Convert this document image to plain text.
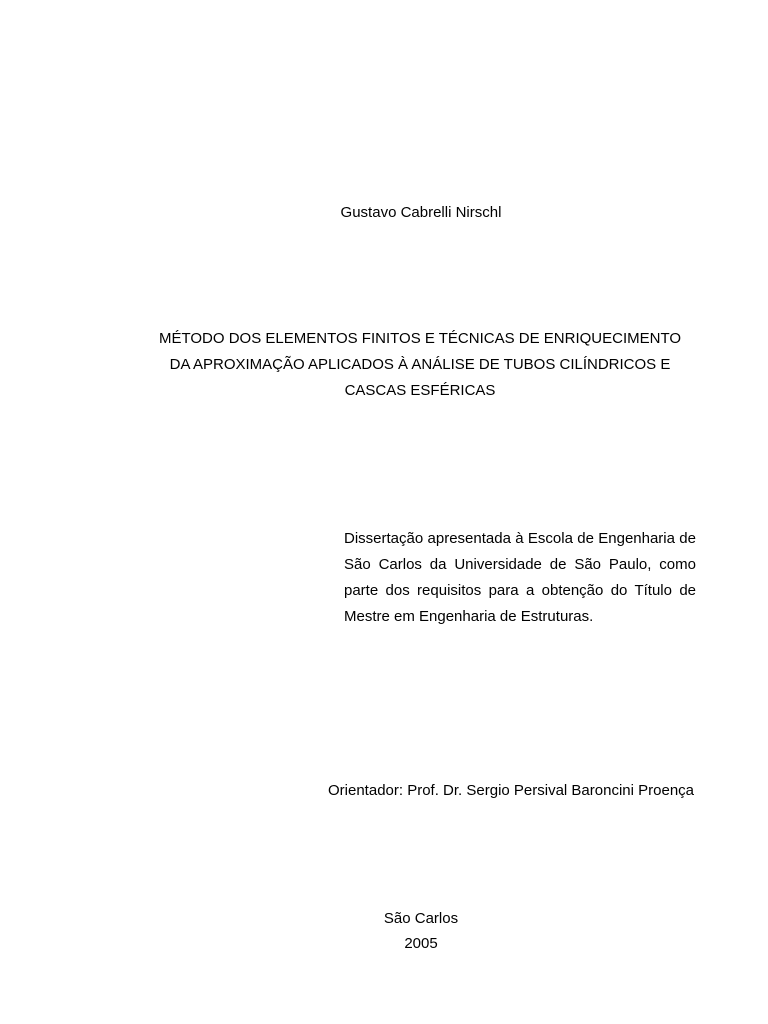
Gustavo Cabrelli Nirschl
MÉTODO DOS ELEMENTOS FINITOS E TÉCNICAS DE ENRIQUECIMENTO
DA APROXIMAÇÃO APLICADOS À ANÁLISE DE TUBOS CILÍNDRICOS E
CASCAS ESFÉRICAS
Dissertação apresentada à Escola de Engenharia de São Carlos da Universidade de São Paulo, como parte dos requisitos para a obtenção do Título de Mestre em Engenharia de Estruturas.
Orientador: Prof. Dr. Sergio Persival Baroncini Proença
São Carlos
2005
